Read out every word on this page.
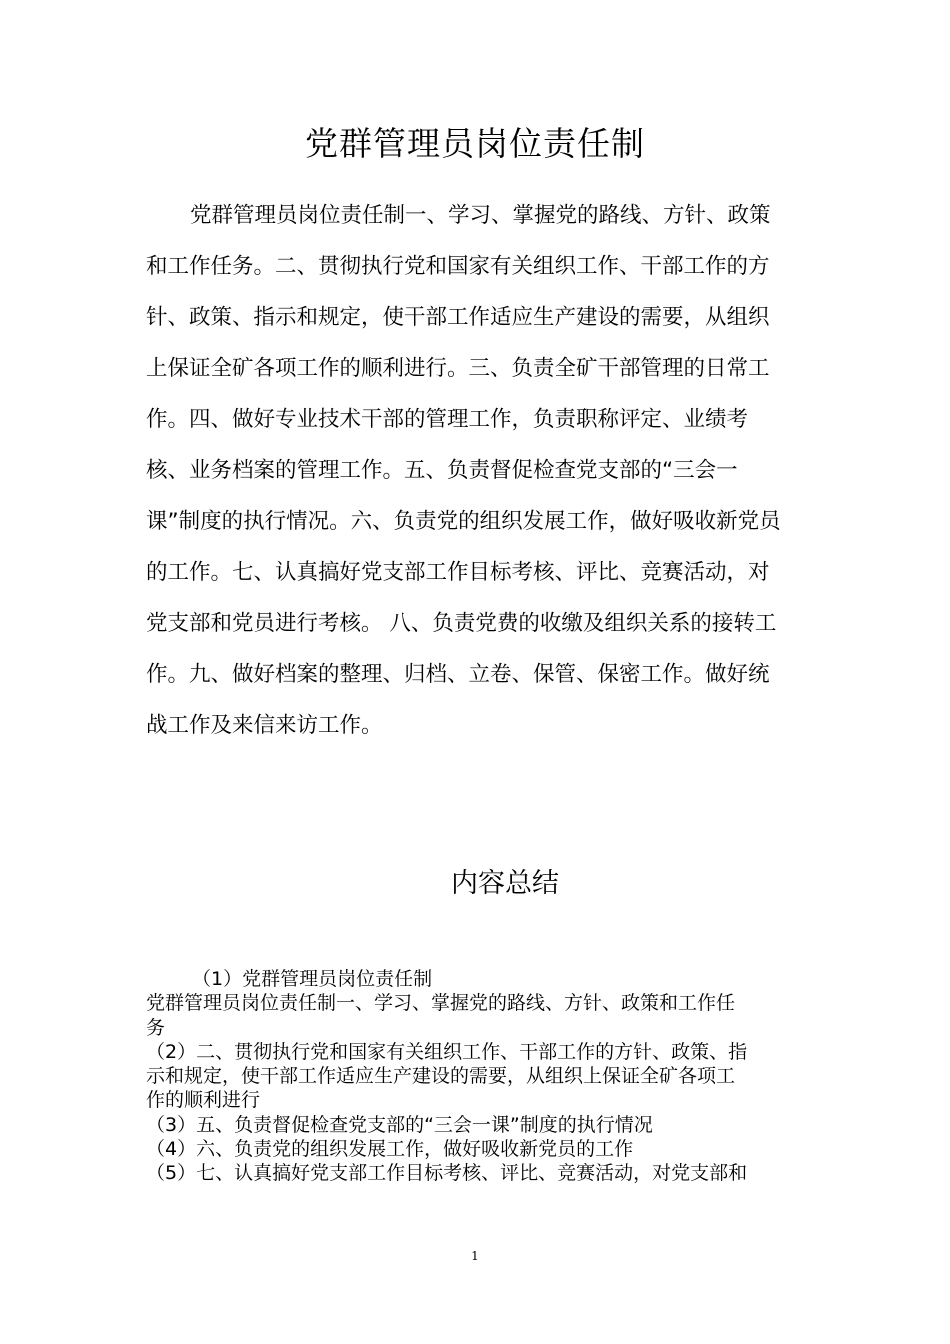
党群管理员岗位责任制
党群管理员岗位责任制一、学习、掌握党的路线、方针、政策
和工作任务。二、贯彻执行党和国家有关组织工作、干部工作的方
针、政策、指示和规定，使干部工作适应生产建设的需要，从组织
上保证全矿各项工作的顺利进行。三、负责全矿干部管理的日常工
作。四、做好专业技术干部的管理工作，负责职称评定、业绩考
核、业务档案的管理工作。五、负责督促检查党支部的“三会一
课”制度的执行情况。六、负责党的组织发展工作，做好吸收新党员
的工作。七、认真搞好党支部工作目标考核、评比、竞赛活动，对
党支部和党员进行考核。 八、负责党费的收缴及组织关系的接转工
作。九、做好档案的整理、归档、立卷、保管、保密工作。做好统
战工作及来信来访工作。
内容总结
（1）党群管理员岗位责任制
党群管理员岗位责任制一、学习、掌握党的路线、方针、政策和工作任
务
（2）二、贯彻执行党和国家有关组织工作、干部工作的方针、政策、指
示和规定，使干部工作适应生产建设的需要，从组织上保证全矿各项工
作的顺利进行
（3）五、负责督促检查党支部的“三会一课”制度的执行情况
（4）六、负责党的组织发展工作，做好吸收新党员的工作
（5）七、认真搞好党支部工作目标考核、评比、竞赛活动，对党支部和
1
